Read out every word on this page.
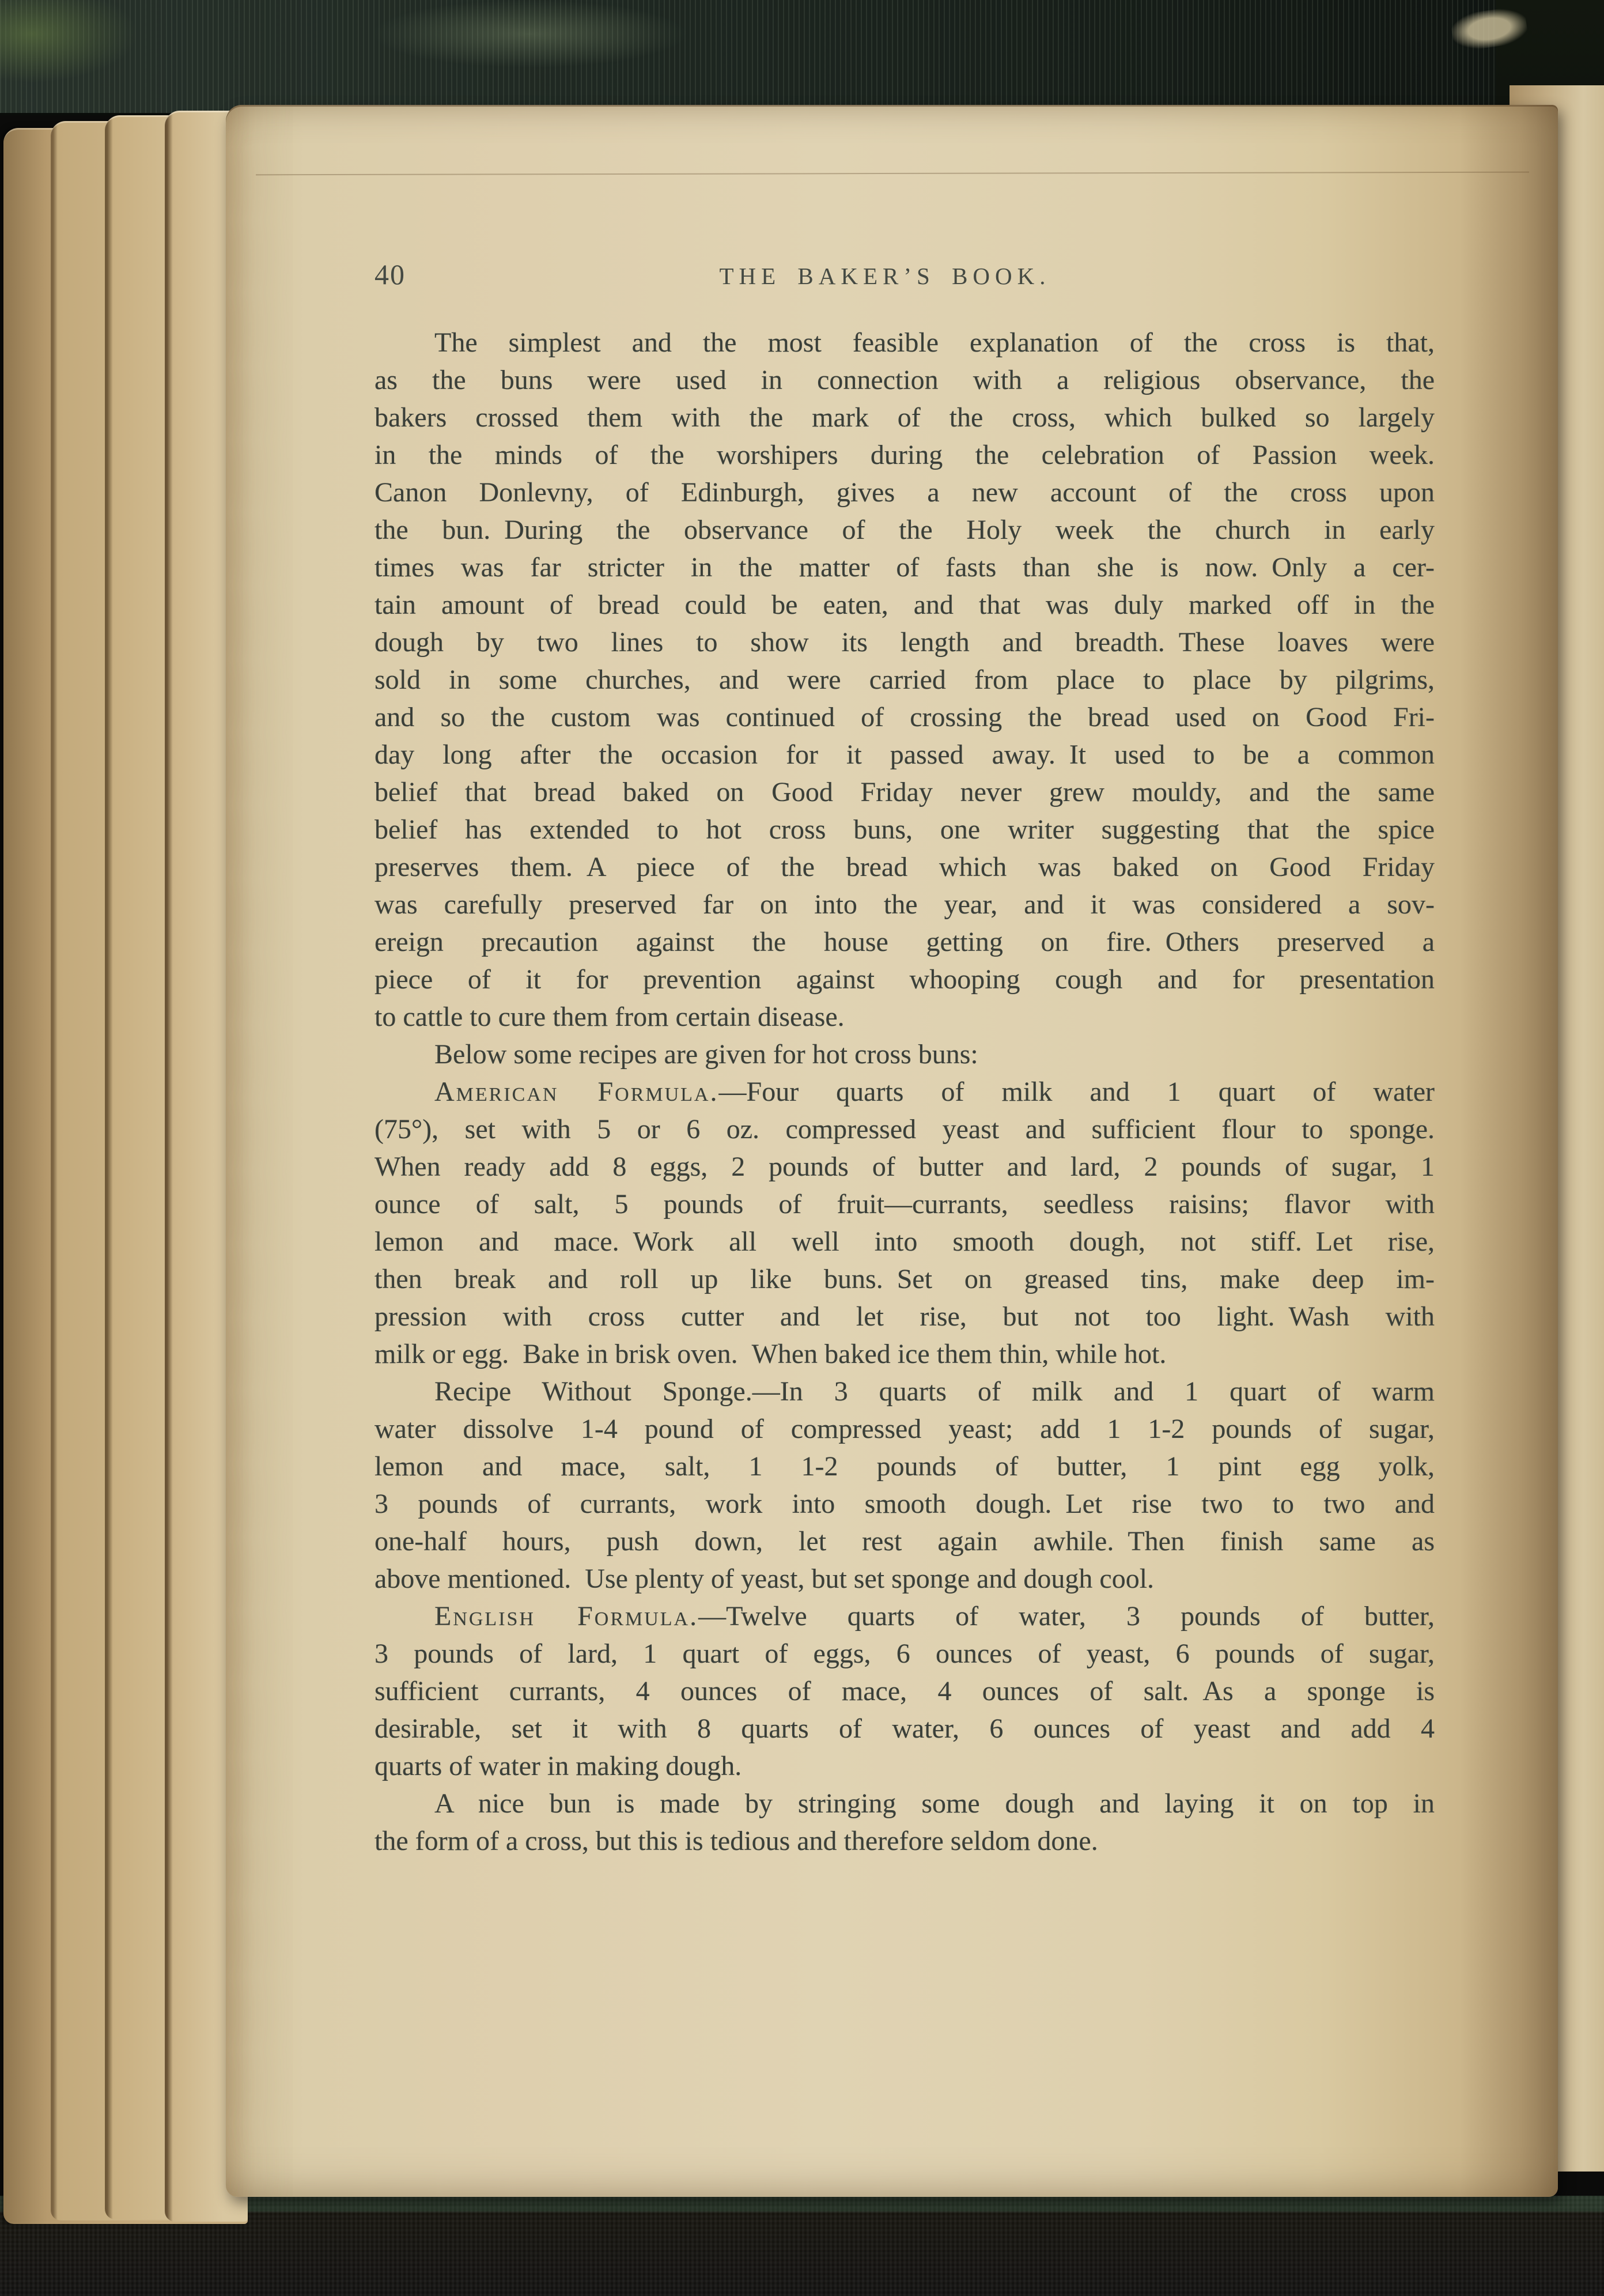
40	THE BAKER’S BOOK.
The simplest and the most feasible explanation of the cross is that,
as the buns were used in connection with a religious observance, the
bakers crossed them with the mark of the cross, which bulked so largely
in the minds of the worshipers during the celebration of Passion week.
Canon Donlevny, of Edinburgh, gives a new account of the cross upon
the bun. During the observance of the Holy week the church in early
times was far stricter in the matter of fasts than she is now. Only a cer-
tain amount of bread could be eaten, and that was duly marked off in the
dough by two lines to show its length and breadth. These loaves were
sold in some churches, and were carried from place to place by pilgrims,
and so the custom was continued of crossing the bread used on Good Fri-
day long after the occasion for it passed away. It used to be a common
belief that bread baked on Good Friday never grew mouldy, and the same
belief has extended to hot cross buns, one writer suggesting that the spice
preserves them. A piece of the bread which was baked on Good Friday
was carefully preserved far on into the year, and it was considered a sov-
ereign precaution against the house getting on fire. Others preserved a
piece of it for prevention against whooping cough and for presentation
to cattle to cure them from certain disease.
Below some recipes are given for hot cross buns:
American Formula.—Four quarts of milk and 1 quart of water
(75°), set with 5 or 6 oz. compressed yeast and sufficient flour to sponge.
When ready add 8 eggs, 2 pounds of butter and lard, 2 pounds of sugar, 1
ounce of salt, 5 pounds of fruit—currants, seedless raisins; flavor with
lemon and mace. Work all well into smooth dough, not stiff. Let rise,
then break and roll up like buns. Set on greased tins, make deep im-
pression with cross cutter and let rise, but not too light. Wash with
milk or egg. Bake in brisk oven. When baked ice them thin, while hot.
Recipe Without Sponge.—In 3 quarts of milk and 1 quart of warm
water dissolve 1-4 pound of compressed yeast; add 1 1-2 pounds of sugar,
lemon and mace, salt, 1 1-2 pounds of butter, 1 pint egg yolk,
3 pounds of currants, work into smooth dough. Let rise two to two and
one-half hours, push down, let rest again awhile. Then finish same as
above mentioned. Use plenty of yeast, but set sponge and dough cool.
English Formula.—Twelve quarts of water, 3 pounds of butter,
3 pounds of lard, 1 quart of eggs, 6 ounces of yeast, 6 pounds of sugar,
sufficient currants, 4 ounces of mace, 4 ounces of salt. As a sponge is
desirable, set it with 8 quarts of water, 6 ounces of yeast and add 4
quarts of water in making dough.
A nice bun is made by stringing some dough and laying it on top in
the form of a cross, but this is tedious and therefore seldom done.
